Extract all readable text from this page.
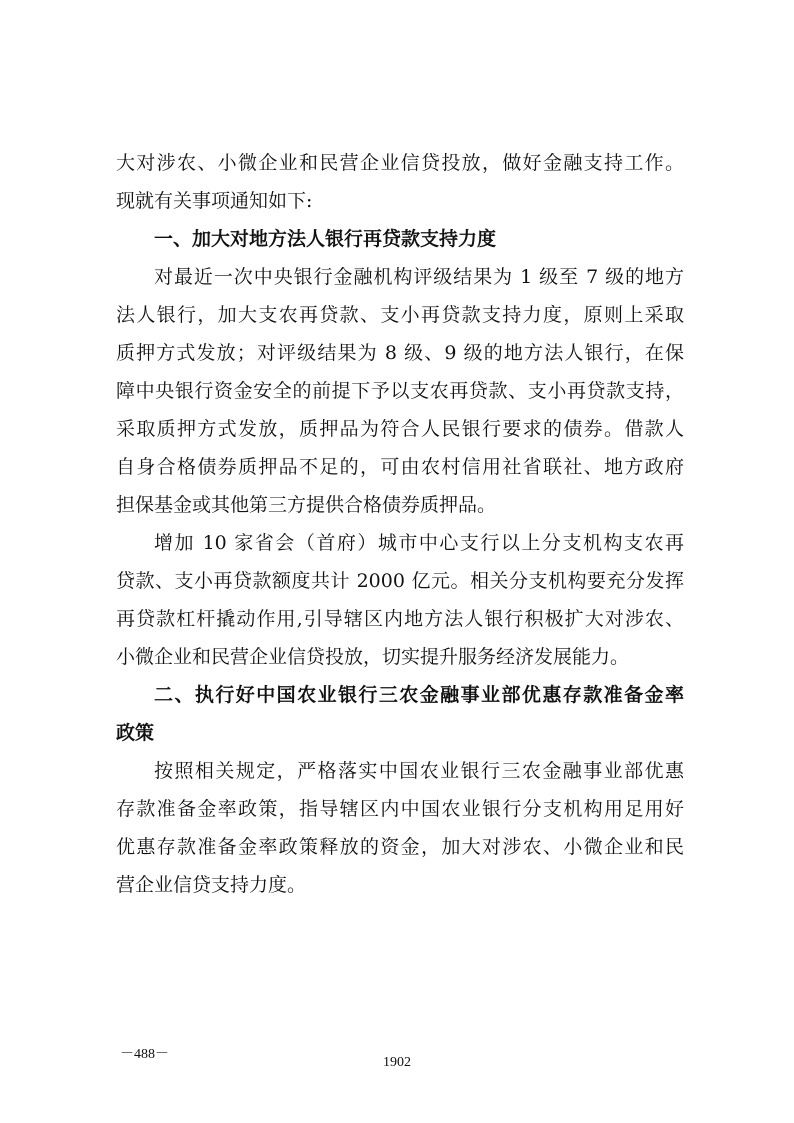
大对涉农、小微企业和民营企业信贷投放，做好金融支持工作。
现就有关事项通知如下:
一、加大对地方法人银行再贷款支持力度
对最近一次中央银行金融机构评级结果为 1 级至 7 级的地方
法人银行，加大支农再贷款、支小再贷款支持力度，原则上采取
质押方式发放；对评级结果为 8 级、9 级的地方法人银行，在保
障中央银行资金安全的前提下予以支农再贷款、支小再贷款支持，
采取质押方式发放，质押品为符合人民银行要求的债券。借款人
自身合格债券质押品不足的，可由农村信用社省联社、地方政府
担保基金或其他第三方提供合格债券质押品。
增加 10 家省会（首府）城市中心支行以上分支机构支农再
贷款、支小再贷款额度共计 2000 亿元。相关分支机构要充分发挥
再贷款杠杆撬动作用,引导辖区内地方法人银行积极扩大对涉农、
小微企业和民营企业信贷投放，切实提升服务经济发展能力。
二、执行好中国农业银行三农金融事业部优惠存款准备金率
政策
按照相关规定，严格落实中国农业银行三农金融事业部优惠
存款准备金率政策，指导辖区内中国农业银行分支机构用足用好
优惠存款准备金率政策释放的资金，加大对涉农、小微企业和民
营企业信贷支持力度。
－488－
1902
